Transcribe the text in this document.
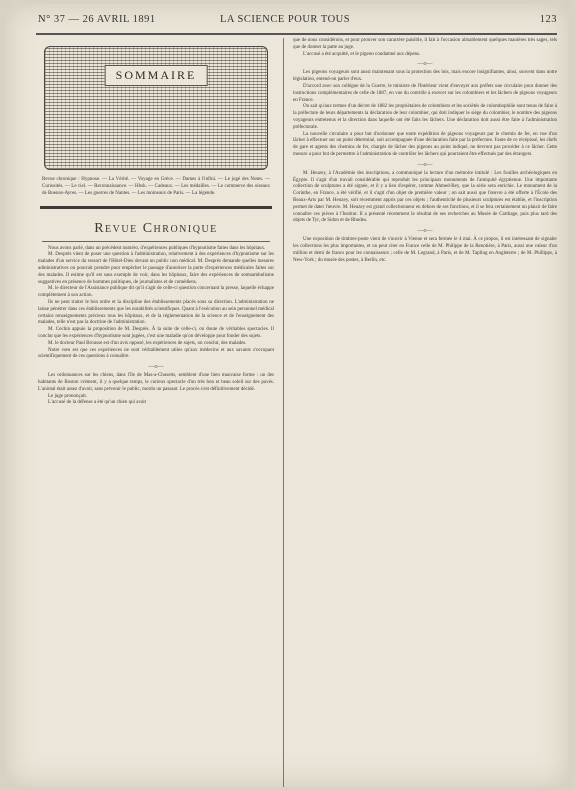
N° 37 — 26 AVRIL 1891	LA SCIENCE POUR TOUS	123
SOMMAIRE

Revue chronique : Hypnose. — La Vérité. — Voyage en Grèce. — Dames à l'infini. — Le jugé des Notes. — Curiosités. — Le ciel. — Reconnaissance. — Hbsk. — Cadeaux. — Les médailles. — Le commerce des oiseaux de Buenos-Ayres. — Les guerres de Nantes. — Les moineaux de Paris. — La légende.

Revue Chronique

Nous avons parlé, dans un précédent numéro, d'expériences publiques d'hypnotisme faites dans les hôpitaux.

M. Després vient de poser une question à l'administration, relativement à des expériences d'hypnotisme sur les malades d'un service du ressort de l'Hôtel-Dieu devant un public non médical. M. Després demande quelles mesures administratives on pourrait prendre pour empêcher le passage d'autoriser la porte d'expériences médicales faites sur des malades. Il estime qu'il est sans exemple de voir, dans les hôpitaux, faire des expériences de somnambulisme suggestives en présence de hommes politiques, de journalistes et de comédiens.

M. le directeur de l'Assistance publique dit qu'il s'agit de celle-ci question concernant la presse, laquelle échappe complètement à son action.

Ils ne peut traiter le bon ordre et la discipline des établissements placés sous sa direction. L'administration ne laisse pénétrer dans ces établissements que les notabilités scientifiques. Quant à l'exécution au sein personnel médical certains renseignements précieux tous les hôpitaux, et de la réglementation de la science et de l'enseignement des malades, telle n'est pas la doctrine de l'administration.

M. Cochin appuie la proposition de M. Després. À la suite de celle-ci, on doute de véritables spectacles. Il conclut que les expériences d'hypnotisme sont jugées, c'est une maladie qu'on développe pour fonder des sujets.

M. le docteur Paul Brousse est d'un avis opposé, les expériences de sujets, on conclut, des malades.

Notre vœu est que ces expériences ne sont véritablement utiles qu'aux médecins et aux savants s'occupant scientifiquement de ces questions à connaître.

—o—

Les ordonnances sur les chiens, dans l'île de Mas-a-Chusetts, semblent d'une bien mauvaise forme : un des habitants de Boston vrément, il y a quelque temps, le curieux spectacle d'un très bon et beau soleil sur des pavés. L'animal était assez d'avoir, sans prévenir le public, mordu un passant. Le procès s'est définitivement décidé.

Le juge prononçait.

L'accusé de la défense a été qu'un chien qui avait

que de nous considérons, et pour prouver son caractère paisible, il fait à l'occasion aimablement quelques manières très sages, tels que de donner la patte au juge.

L'accusé a été acquitté, et le pigeon condamné aux dépens.

—o—

Les pigeons voyageurs sont aussi maintenant sous la protection des lois, mais encore insignifiantes, ainsi, souvent dans notre législation, entend-on parler d'eux.

D'accord avec son collègue de la Guerre, le ministre de l'Intérieur vient d'envoyer aux préfets une circulaire pour donner des instructions complémentaires de celle de 1887, en vue du contrôle à exercer sur les colombiers et les lâchers de pigeons voyageurs en France.

On sait qu'aux termes d'un décret de 1882 les propriétaires de colombiers et les sociétés de colombophilie sont tenus de faire à la préfecture de leurs départements la déclaration de leur colombier, qui doit indiquer le siège du colombier, le nombre des pigeons voyageurs entretenus et la direction dans laquelle ont été faits les lâchers. Une déclaration doit aussi être faite à l'administration préfectorale.

La nouvelle circulaire a pour but d'ordonner que toute expédition de pigeons voyageurs par le chemin de fer, en vue d'un lâcher à effectuer sur un point déterminé, soit accompagnée d'une déclaration faite par la préfecture. Faute de ce récépissé, les chefs de gare et agents des chemins de fer, chargés de lâcher des pigeons au point indiqué, ne devront pas procéder à ce lâcher. Cette mesure a pour but de permettre à l'administration de contrôler les lâchers qui pourraient être effectués par des étrangers.

—o—

M. Heuzey, à l'Académie des inscriptions, a communiqué la lecture d'un mémoire intitulé : Les fouilles archéologiques en Égypte. Il s'agit d'un travail considérable qui reproduit les principaux monuments de l'antiquité égyptienne. Une importante collection de sculptures a été signée, et il y a lieu d'espérer, comme Ahmed-Bey, que la série sera enrichie. Le monument de la Corinthe, en France, a été vérifié, et il s'agit d'un objet de première valeur ; on sait aussi que l'œuvre a été offerte à l'École des Beaux-Arts par M. Heuzey, soit récemment appris par ces objets ; l'authenticité de plusieurs sculptures est établie, et l'inscription permet de dater l'œuvre. M. Heuzey est grand collectionneur en dehors de ses fonctions, et il se fera certainement un plaisir de faire connaître ces pièces à l'Institut. Il a présenté récemment le résultat de ses recherches au Musée de Carthage, puis plus tard des objets de Tyr, de Sidon et de Rhodes.

—o—

Une exposition de timbres-poste vient de s'ouvrir à Vienne et sera fermée le 4 mai. À ce propos, il est intéressant de signaler les collections les plus importantes, et on peut citer en France celle de M. Philippe de la Renotière, à Paris, aussi une valeur d'un million et demi de francs pour les connaisseurs ; celle de M. Legrand, à Paris, et de M. Tapling en Angleterre ; de M. Phillipps, à New-York ; du musée des postes, à Berlin, etc.
